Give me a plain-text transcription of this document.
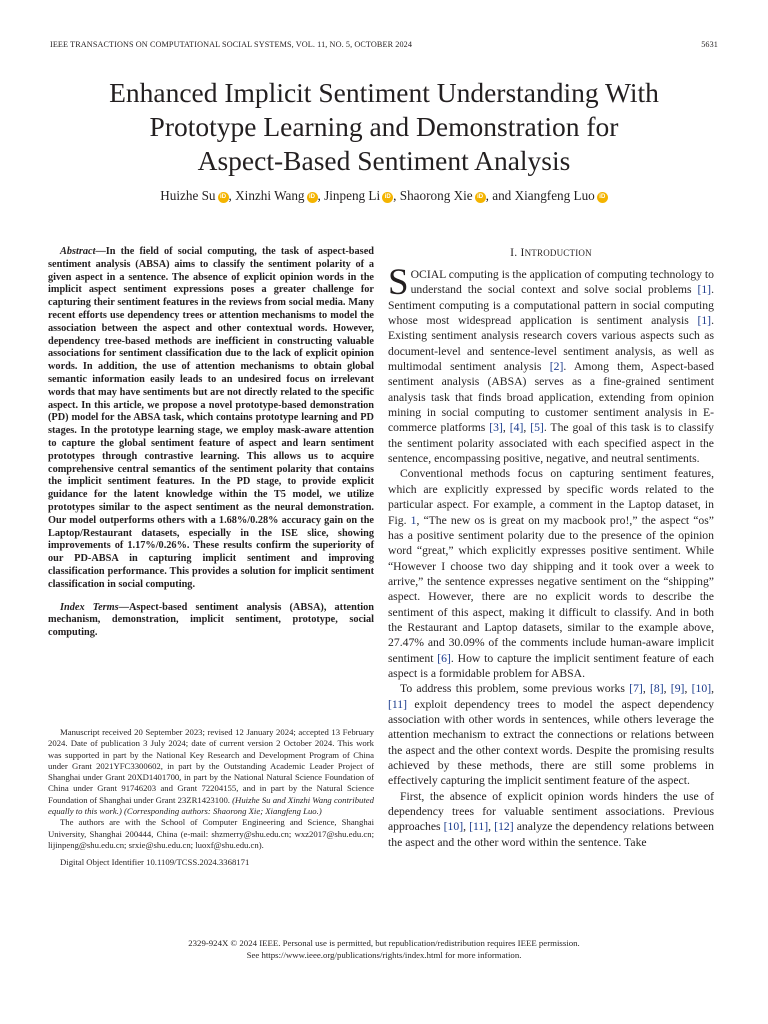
IEEE TRANSACTIONS ON COMPUTATIONAL SOCIAL SYSTEMS, VOL. 11, NO. 5, OCTOBER 2024	5631
Enhanced Implicit Sentiment Understanding With
Prototype Learning and Demonstration for
Aspect-Based Sentiment Analysis
Huizhe Su iD , Xinzhi Wang iD , Jinpeng Li iD , Shaorong Xie iD , and Xiangfeng Luo iD

Abstract—In the field of social computing, the task of aspect-based sentiment analysis (ABSA) aims to classify the sentiment polarity of a given aspect in a sentence. The absence of explicit opinion words in the implicit aspect sentiment expressions poses a greater challenge for capturing their sentiment features in the reviews from social media. Many recent efforts use dependency trees or attention mechanisms to model the association between the aspect and other contextual words. However, dependency tree-based methods are inefficient in constructing valuable associations for sentiment classification due to the lack of explicit opinion words. In addition, the use of attention mechanisms to obtain global semantic information easily leads to an undesired focus on irrelevant words that may have sentiments but are not directly related to the specific aspect. In this article, we propose a novel prototype-based demonstration (PD) model for the ABSA task, which contains prototype learning and PD stages. In the prototype learning stage, we employ mask-aware attention to capture the global sentiment feature of aspect and learn sentiment prototypes through contrastive learning. This allows us to acquire comprehensive central semantics of the sentiment polarity that contains the implicit sentiment features. In the PD stage, to provide explicit guidance for the latent knowledge within the T5 model, we utilize prototypes similar to the aspect sentiment as the neural demonstration. Our model outperforms others with a 1.68%/0.28% accuracy gain on the Laptop/Restaurant datasets, especially in the ISE slice, showing improvements of 1.17%/0.26%. These results confirm the superiority of our PD-ABSA in capturing implicit sentiment and improving classification performance. This provides a solution for implicit sentiment classification in social computing.

Index Terms—Aspect-based sentiment analysis (ABSA), attention mechanism, demonstration, implicit sentiment, prototype, social computing.

Manuscript received 20 September 2023; revised 12 January 2024; accepted 13 February 2024. Date of publication 3 July 2024; date of current version 2 October 2024. This work was supported in part by the National Key Research and Development Program of China under Grant 2021YFC3300602, in part by the Outstanding Academic Leader Project of Shanghai under Grant 20XD1401700, in part by the National Natural Science Foundation of China under Grant 91746203 and Grant 72204155, and in part by the Natural Science Foundation of Shanghai under Grant 23ZR1423100. (Huizhe Su and Xinzhi Wang contributed equally to this work.) (Corresponding authors: Shaorong Xie; Xiangfeng Luo.)

The authors are with the School of Computer Engineering and Science, Shanghai University, Shanghai 200444, China (e-mail: shzmerry@shu.edu.cn; wxz2017@shu.edu.cn; lijinpeng@shu.edu.cn; srxie@shu.edu.cn; luoxf@shu.edu.cn).

Digital Object Identifier 10.1109/TCSS.2024.3368171

I. INTRODUCTION

SOCIAL computing is the application of computing technology to understand the social context and solve social problems [1]. Sentiment computing is a computational pattern in social computing whose most widespread application is sentiment analysis [1]. Existing sentiment analysis research covers various aspects such as document-level and sentence-level sentiment analysis, as well as multimodal sentiment analysis [2]. Among them, Aspect-based sentiment analysis (ABSA) serves as a fine-grained sentiment analysis task that finds broad application, extending from opinion mining in social computing to customer sentiment analysis in E-commerce platforms [3], [4], [5]. The goal of this task is to classify the sentiment polarity associated with each specified aspect in the sentence, encompassing positive, negative, and neutral sentiments.

Conventional methods focus on capturing sentiment features, which are explicitly expressed by specific words related to the particular aspect. For example, a comment in the Laptop dataset, in Fig. 1, “The new os is great on my macbook pro!,” the aspect “os” has a positive sentiment polarity due to the presence of the opinion word “great,” which explicitly expresses positive sentiment. While “However I choose two day shipping and it took over a week to arrive,” the sentence expresses negative sentiment on the “shipping” aspect. However, there are no explicit words to describe the sentiment of this aspect, making it difficult to classify. And in both the Restaurant and Laptop datasets, similar to the example above, 27.47% and 30.09% of the comments include human-aware implicit sentiment [6]. How to capture the implicit sentiment feature of each aspect is a formidable problem for ABSA.

To address this problem, some previous works [7], [8], [9], [10], [11] exploit dependency trees to model the aspect dependency association with other words in sentences, while others leverage the attention mechanism to extract the connections or relations between the aspect and the other context words. Despite the promising results achieved by these methods, there are still some problems in effectively capturing the implicit sentiment feature of the aspect.

First, the absence of explicit opinion words hinders the use of dependency trees for valuable sentiment associations. Previous approaches [10], [11], [12] analyze the dependency relations between the aspect and the other word within the sentence. Take

2329-924X © 2024 IEEE. Personal use is permitted, but republication/redistribution requires IEEE permission.
See https://www.ieee.org/publications/rights/index.html for more information.
